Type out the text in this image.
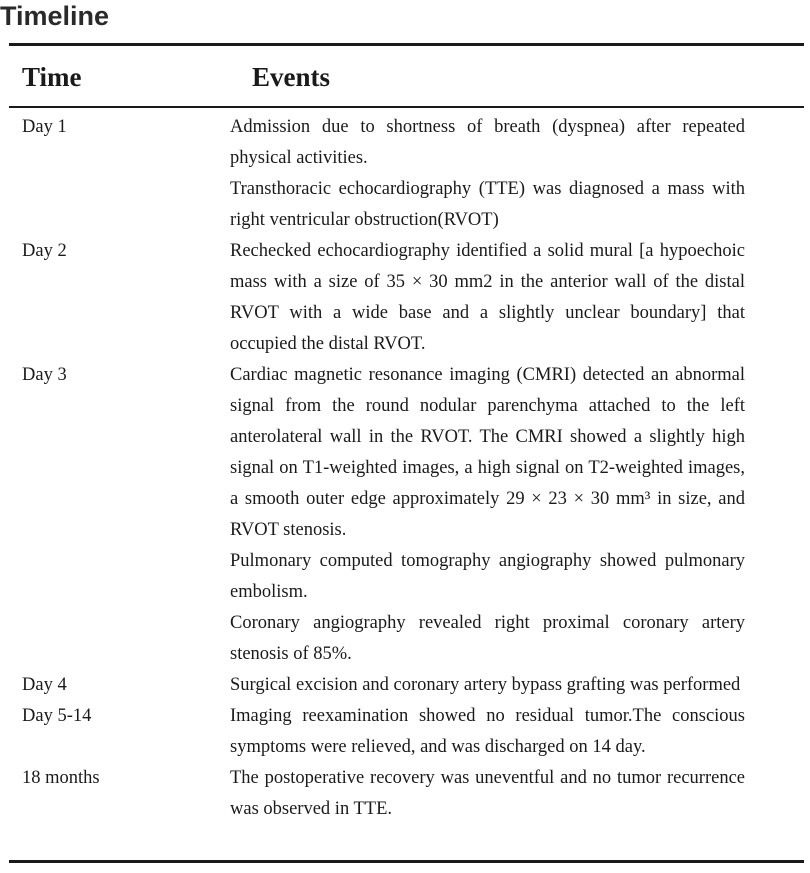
Timeline
Time	Events
Day 1	Admission due to shortness of breath (dyspnea) after repeated physical activities.

Transthoracic echocardiography (TTE) was diagnosed a mass with right ventricular obstruction(RVOT)

Day 2	Rechecked echocardiography identified a solid mural [a hypoechoic mass with a size of 35 × 30 mm2 in the anterior wall of the distal RVOT with a wide base and a slightly unclear boundary] that occupied the distal RVOT.

Day 3	Cardiac magnetic resonance imaging (CMRI) detected an abnormal signal from the round nodular parenchyma attached to the left anterolateral wall in the RVOT. The CMRI showed a slightly high signal on T1-weighted images, a high signal on T2-weighted images, a smooth outer edge approximately 29 × 23 × 30 mm³ in size, and RVOT stenosis.

Pulmonary computed tomography angiography showed pulmonary embolism.

Coronary angiography revealed right proximal coronary artery stenosis of 85%.

Day 4	Surgical excision and coronary artery bypass grafting was performed

Day 5-14	Imaging reexamination showed no residual tumor.The conscious symptoms were relieved, and was discharged on 14 day.

18 months	The postoperative recovery was uneventful and no tumor recurrence was observed in TTE.
